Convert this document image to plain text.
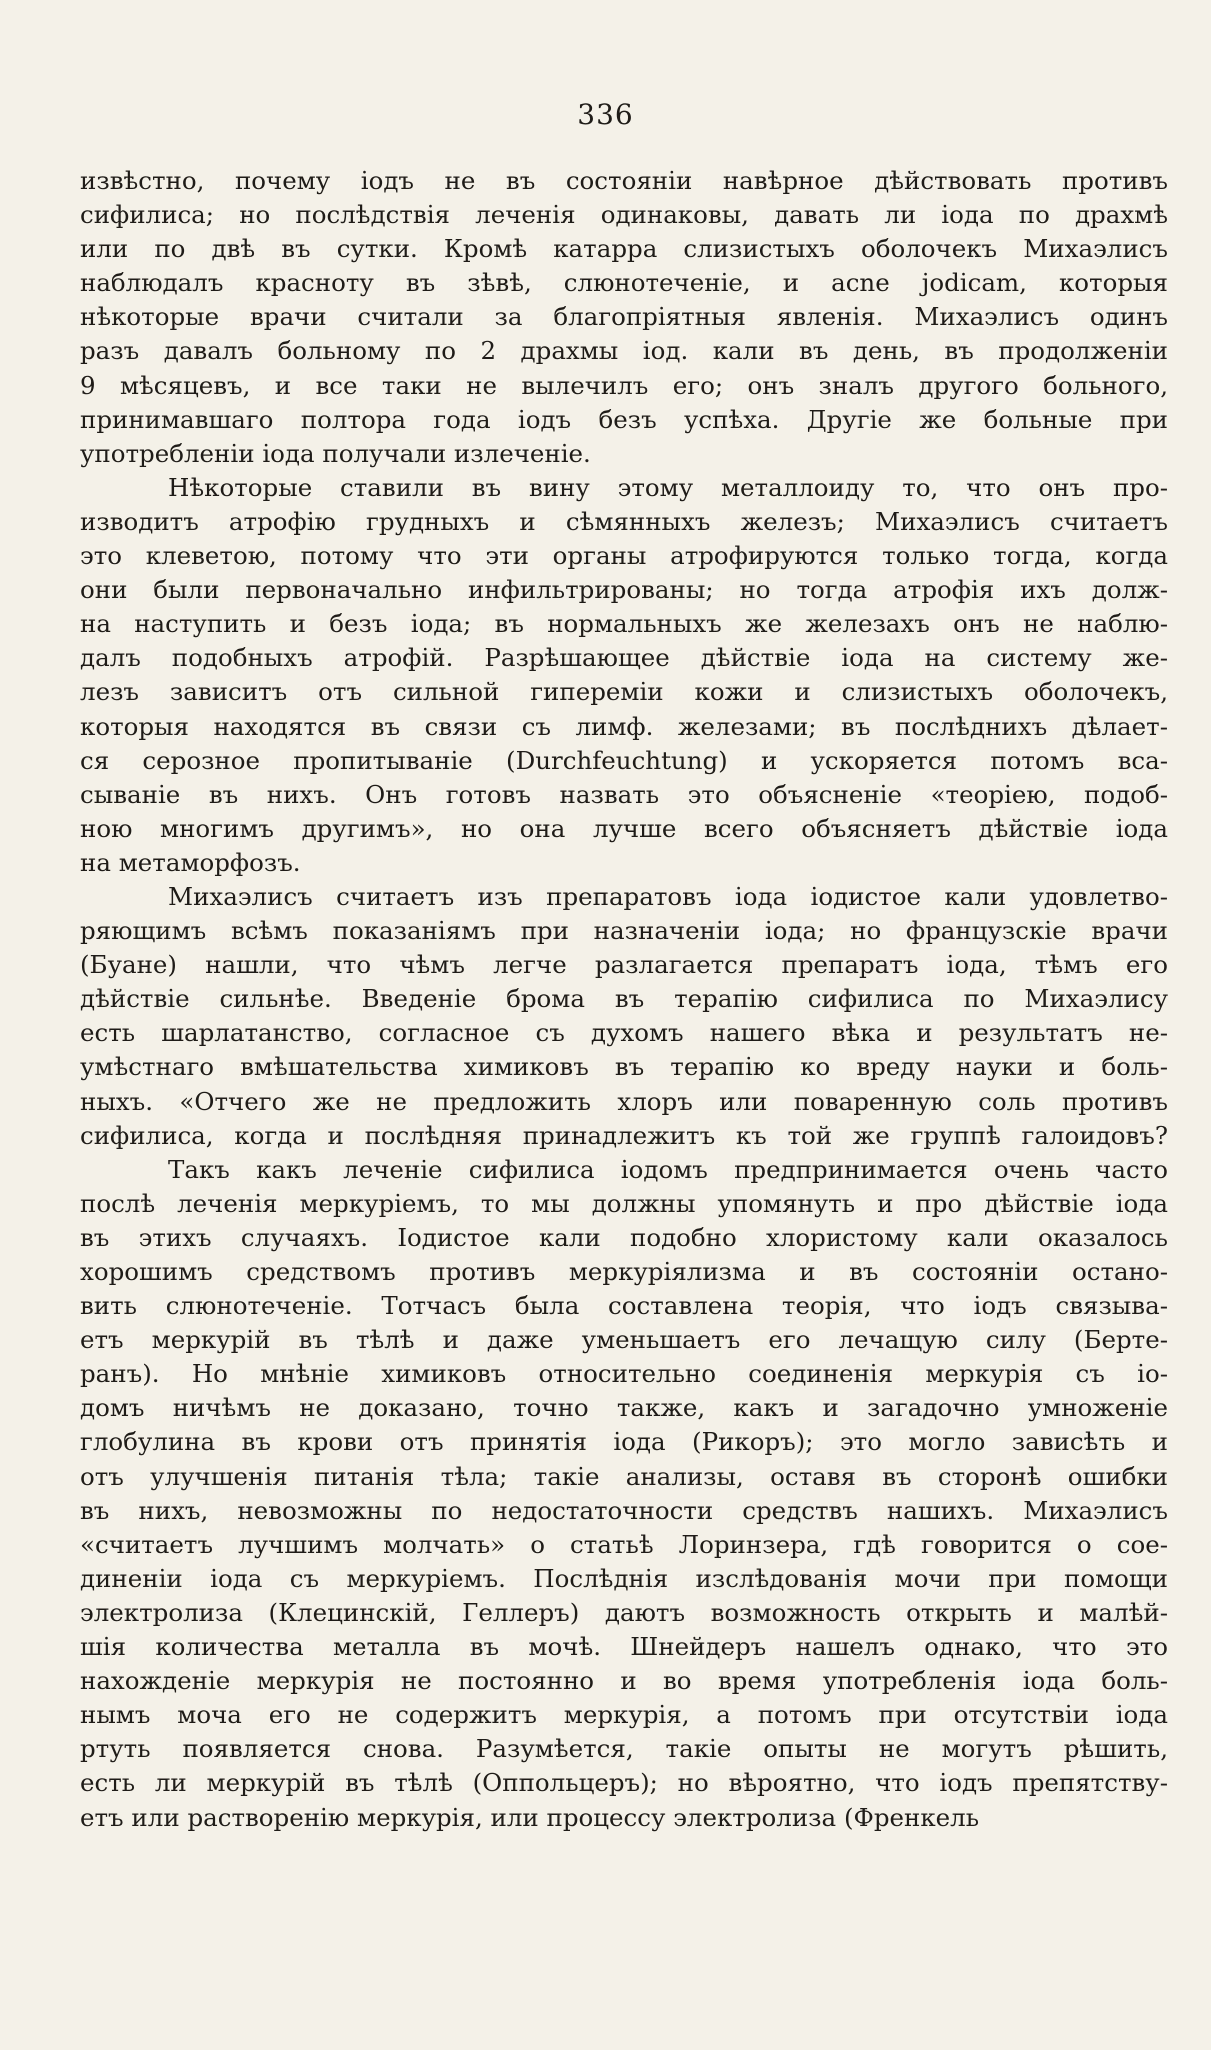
336
извѣстно, почему іодъ не въ состояніи навѣрное дѣйствовать противъ
сифилиса; но послѣдствія леченія одинаковы, давать ли іода по драхмѣ
или по двѣ въ сутки. Кромѣ катарра слизистыхъ оболочекъ Михаэлисъ
наблюдалъ красноту въ зѣвѣ, слюнотеченіе, и acne jodicam, которыя
нѣкоторые врачи считали за благопріятныя явленія. Михаэлисъ одинъ
разъ давалъ больному по 2 драхмы іод. кали въ день, въ продолженіи
9 мѣсяцевъ, и все таки не вылечилъ его; онъ зналъ другого больного,
принимавшаго полтора года іодъ безъ успѣха. Другіе же больные при
употребленіи іода получали излеченіе.
Нѣкоторые ставили въ вину этому металлоиду то, что онъ про-
изводитъ атрофію грудныхъ и сѣмянныхъ железъ; Михаэлисъ считаетъ
это клеветою, потому что эти органы атрофируются только тогда, когда
они были первоначально инфильтрированы; но тогда атрофія ихъ долж-
на наступить и безъ іода; въ нормальныхъ же железахъ онъ не наблю-
далъ подобныхъ атрофій. Разрѣшающее дѣйствіе іода на систему же-
лезъ зависитъ отъ сильной гипереміи кожи и слизистыхъ оболочекъ,
которыя находятся въ связи съ лимф. железами; въ послѣднихъ дѣлает-
ся серозное пропитываніе (Durchfeuchtung) и ускоряется потомъ вса-
сываніе въ нихъ. Онъ готовъ назвать это объясненіе «теоріею, подоб-
ною многимъ другимъ», но она лучше всего объясняетъ дѣйствіе іода
на метаморфозъ.
Михаэлисъ считаетъ изъ препаратовъ іода іодистое кали удовлетво-
ряющимъ всѣмъ показаніямъ при назначеніи іода; но французскіе врачи
(Буане) нашли, что чѣмъ легче разлагается препаратъ іода, тѣмъ его
дѣйствіе сильнѣе. Введеніе брома въ терапію сифилиса по Михаэлису
есть шарлатанство, согласное съ духомъ нашего вѣка и результатъ не-
умѣстнаго вмѣшательства химиковъ въ терапію ко вреду науки и боль-
ныхъ. «Отчего же не предложить хлоръ или поваренную соль противъ
сифилиса, когда и послѣдняя принадлежитъ къ той же группѣ галоидовъ?
Такъ какъ леченіе сифилиса іодомъ предпринимается очень часто
послѣ леченія меркуріемъ, то мы должны упомянуть и про дѣйствіе іода
въ этихъ случаяхъ. Іодистое кали подобно хлористому кали оказалось
хорошимъ средствомъ противъ меркуріялизма и въ состояніи остано-
вить слюнотеченіе. Тотчасъ была составлена теорія, что іодъ связыва-
етъ меркурій въ тѣлѣ и даже уменьшаетъ его лечащую силу (Берте-
ранъ). Но мнѣніе химиковъ относительно соединенія меркурія съ іо-
домъ ничѣмъ не доказано, точно также, какъ и загадочно умноженіе
глобулина въ крови отъ принятія іода (Рикоръ); это могло зависѣть и
отъ улучшенія питанія тѣла; такіе анализы, оставя въ сторонѣ ошибки
въ нихъ, невозможны по недостаточности средствъ нашихъ. Михаэлисъ
«считаетъ лучшимъ молчать» о статьѣ Лоринзера, гдѣ говорится о сое-
диненіи іода съ меркуріемъ. Послѣднія изслѣдованія мочи при помощи
электролиза (Клецинскій, Геллеръ) даютъ возможность открыть и малѣй-
шія количества металла въ мочѣ. Шнейдеръ нашелъ однако, что это
нахожденіе меркурія не постоянно и во время употребленія іода боль-
нымъ моча его не содержитъ меркурія, а потомъ при отсутствіи іода
ртуть появляется снова. Разумѣется, такіе опыты не могутъ рѣшить,
есть ли меркурій въ тѣлѣ (Оппольцеръ); но вѣроятно, что іодъ препятству-
етъ или растворенію меркурія, или процессу электролиза (Френкель
